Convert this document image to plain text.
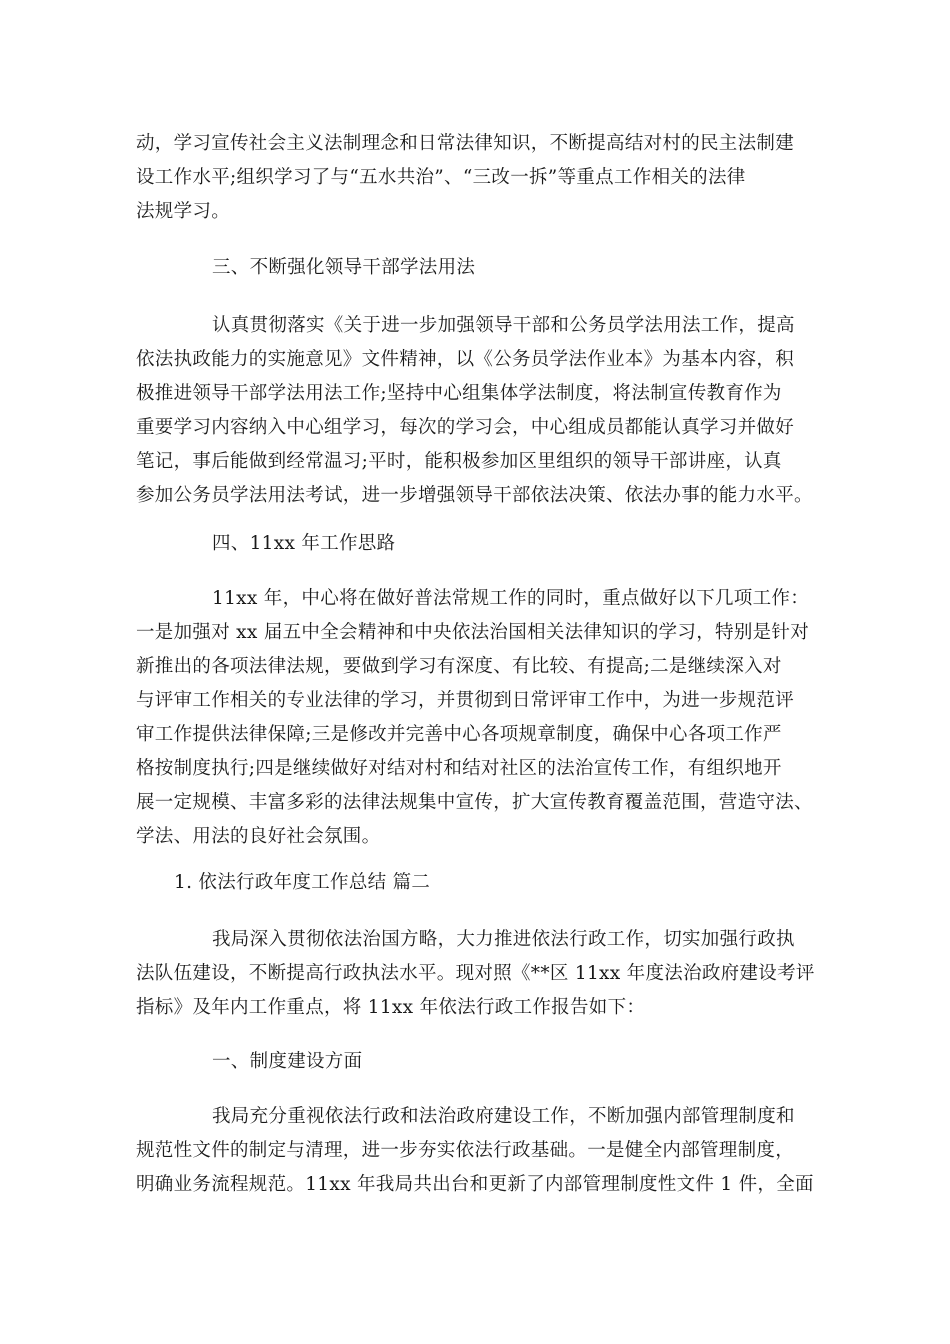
动，学习宣传社会主义法制理念和日常法律知识，不断提高结对村的民主法制建
设工作水平;组织学习了与“五水共治”、“三改一拆”等重点工作相关的法律
法规学习。
三、不断强化领导干部学法用法
认真贯彻落实《关于进一步加强领导干部和公务员学法用法工作，提高
依法执政能力的实施意见》文件精神，以《公务员学法作业本》为基本内容，积
极推进领导干部学法用法工作;坚持中心组集体学法制度，将法制宣传教育作为
重要学习内容纳入中心组学习，每次的学习会，中心组成员都能认真学习并做好
笔记，事后能做到经常温习;平时，能积极参加区里组织的领导干部讲座，认真
参加公务员学法用法考试，进一步增强领导干部依法决策、依法办事的能力水平。
四、11xx 年工作思路
11xx 年，中心将在做好普法常规工作的同时，重点做好以下几项工作：
一是加强对 xx 届五中全会精神和中央依法治国相关法律知识的学习，特别是针对
新推出的各项法律法规，要做到学习有深度、有比较、有提高;二是继续深入对
与评审工作相关的专业法律的学习，并贯彻到日常评审工作中，为进一步规范评
审工作提供法律保障;三是修改并完善中心各项规章制度，确保中心各项工作严
格按制度执行;四是继续做好对结对村和结对社区的法治宣传工作，有组织地开
展一定规模、丰富多彩的法律法规集中宣传，扩大宣传教育覆盖范围，营造守法、
学法、用法的良好社会氛围。
1. 依法行政年度工作总结 篇二
我局深入贯彻依法治国方略，大力推进依法行政工作，切实加强行政执
法队伍建设，不断提高行政执法水平。现对照《**区 11xx 年度法治政府建设考评
指标》及年内工作重点，将 11xx 年依法行政工作报告如下：
一、制度建设方面
我局充分重视依法行政和法治政府建设工作，不断加强内部管理制度和
规范性文件的制定与清理，进一步夯实依法行政基础。一是健全内部管理制度，
明确业务流程规范。11xx 年我局共出台和更新了内部管理制度性文件 1 件，全面
